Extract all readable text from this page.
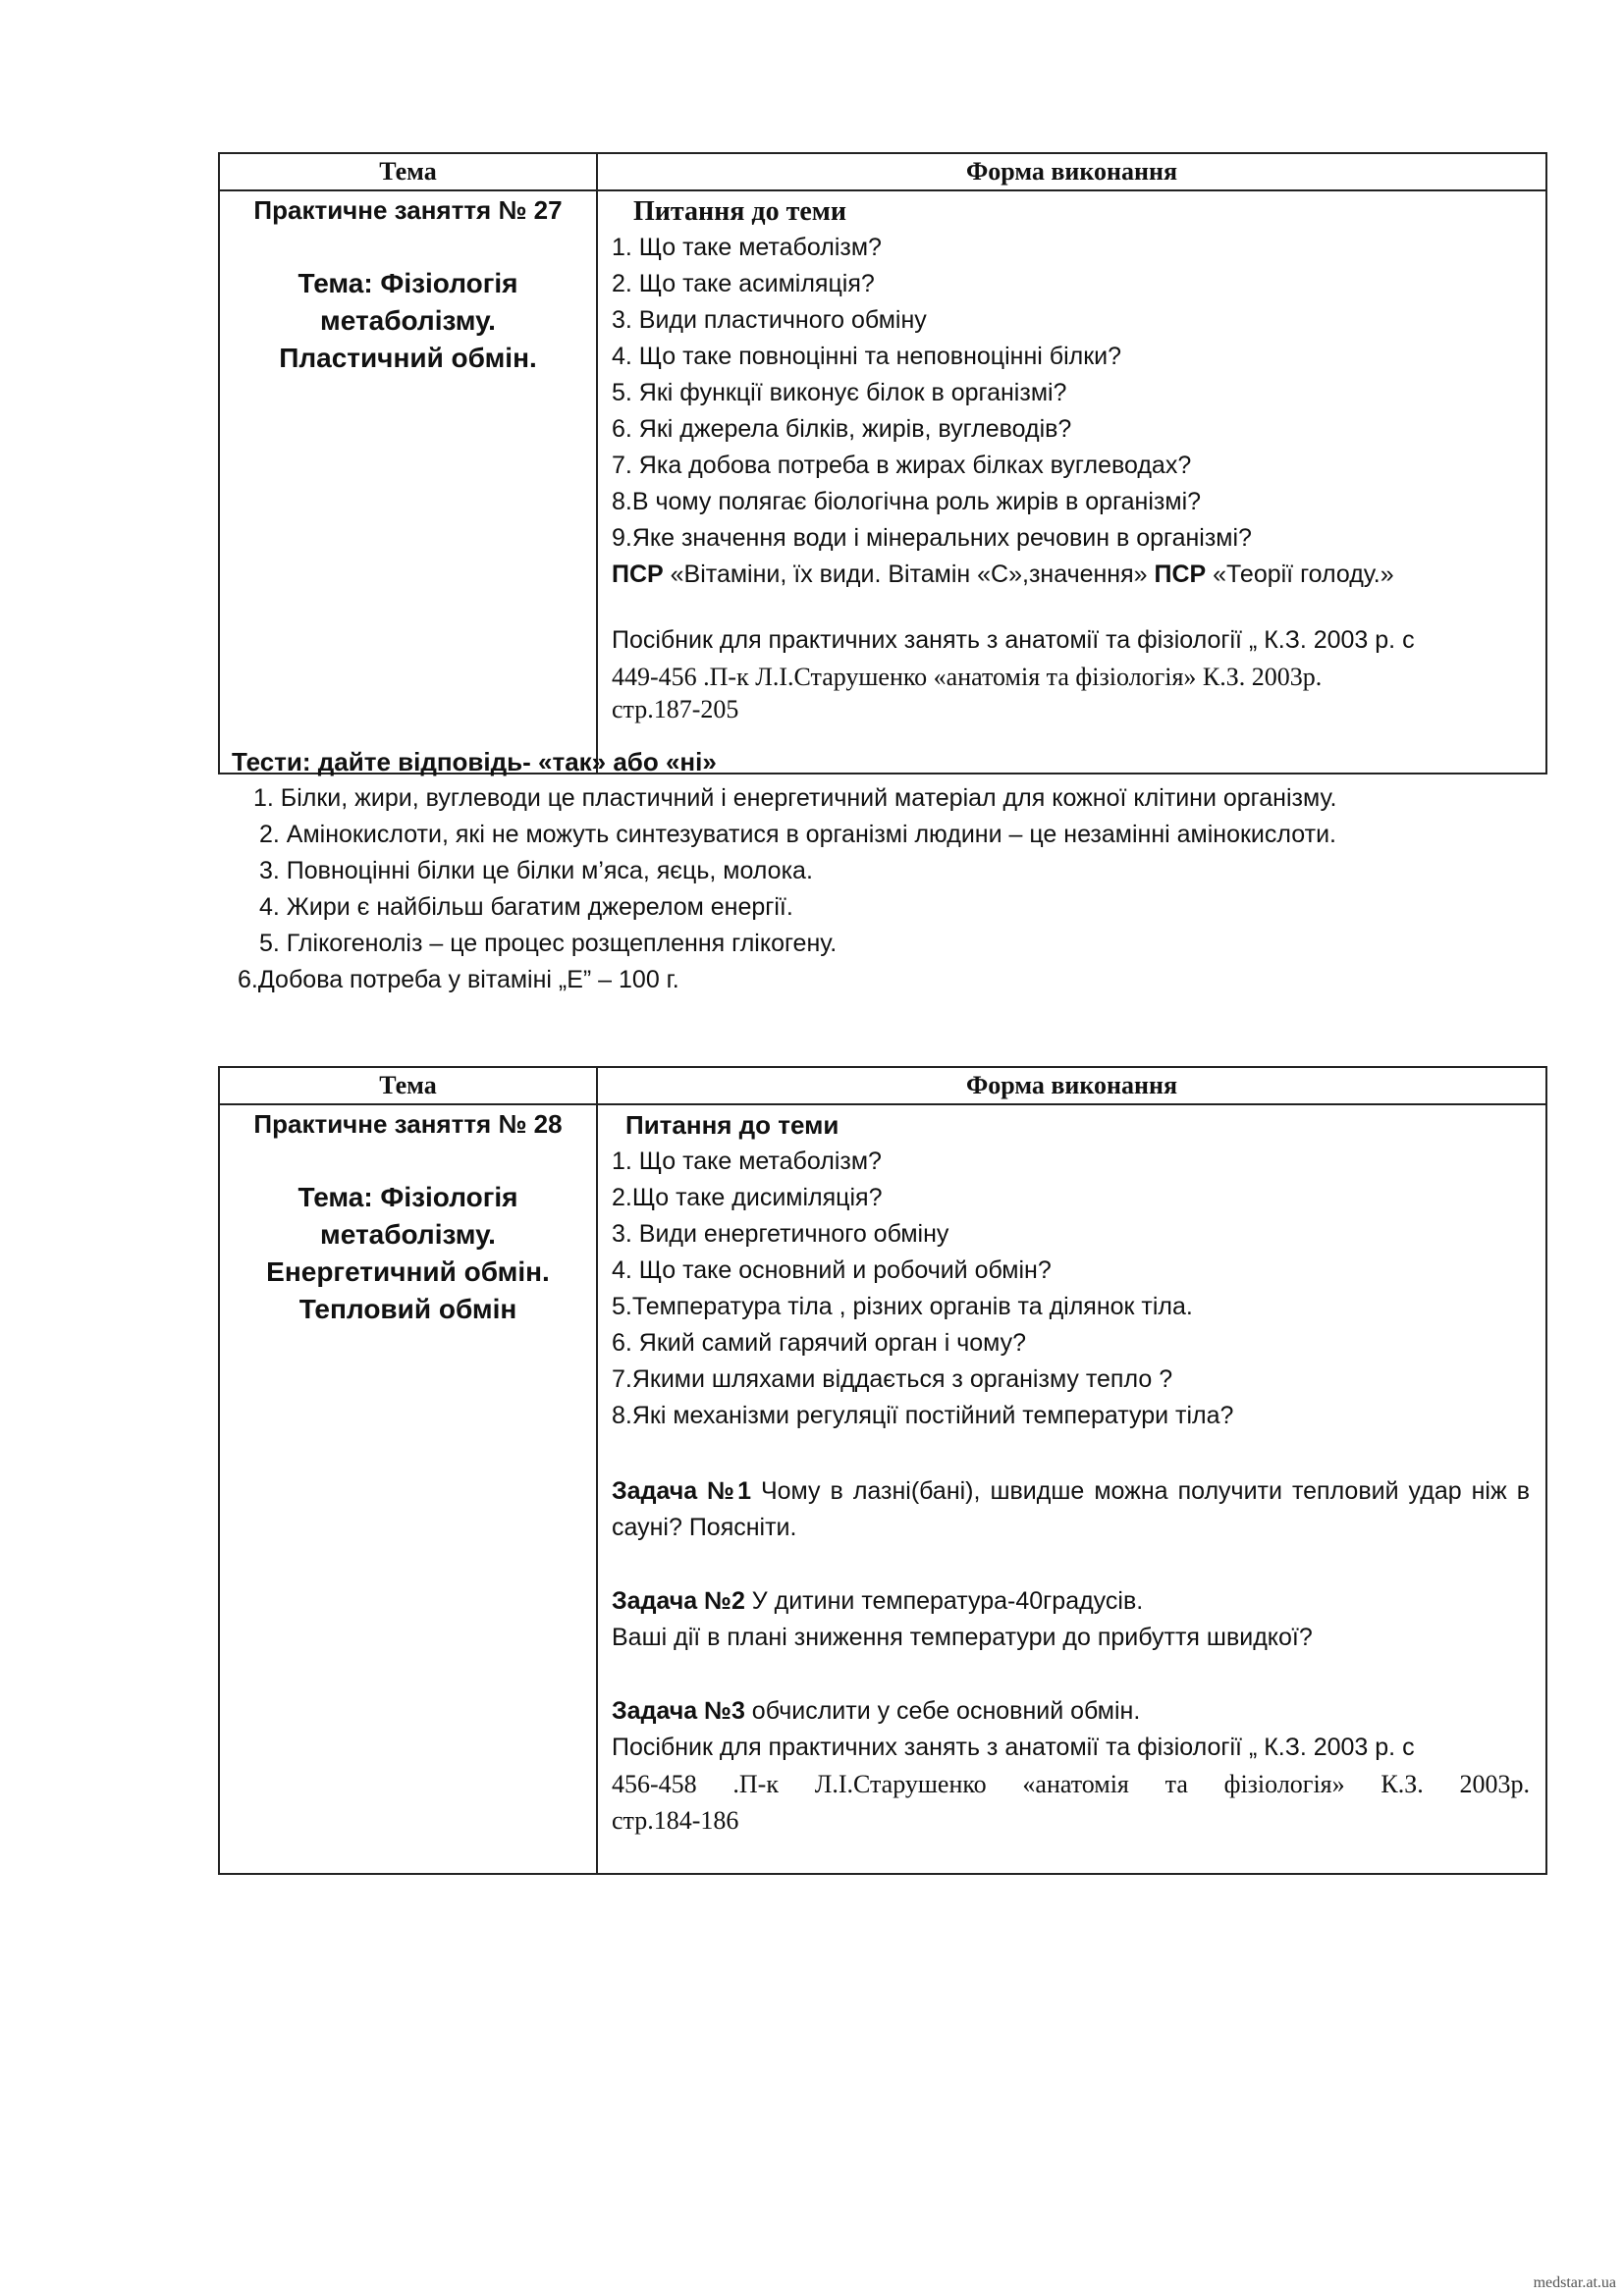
Тема	Форма виконання
Практичне заняття № 27
Тема: Фізіологія
метаболізму.
Пластичний обмін.

Питання до теми

1. Що таке метаболізм?

2. Що таке асиміляція?

3. Види пластичного обміну

4. Що таке повноцінні та неповноцінні білки?

5. Які функції виконує білок в організмі?

6. Які джерела білків, жирів, вуглеводів?

7. Яка добова потреба в жирах білках вуглеводах?

8.В чому полягає біологічна роль жирів в організмі?

9.Яке значення води і мінеральних речовин в організмі?

ПСР «Вітаміни, їх види. Вітамін «С»,значення» ПСР «Теорії голоду.»

Посібник для практичних занять з анатомії та фізіології „ К.З. 2003 р. с

449-456 .П-к Л.І.Старушенко «анатомія та фізіологія» К.З. 2003р.

стр.187-205

Тести: дайте відповідь- «так» або «ні»

1. Білки, жири, вуглеводи це пластичний і енергетичний матеріал для кожної клітини організму.

2. Амінокислоти, які не можуть синтезуватися в організмі людини – це незамінні амінокислоти.

3. Повноцінні білки це білки м’яса, яєць, молока.

4. Жири є найбільш багатим джерелом енергії.

5. Глікогеноліз – це процес розщеплення глікогену.

6.Добова потреба у вітаміні „Е” – 100 г.

Тема	Форма виконання
Практичне заняття № 28
Тема: Фізіологія
метаболізму.
Енергетичний обмін.
Тепловий обмін

Питання до теми

1. Що таке метаболізм?

2.Що таке дисиміляція?

3. Види енергетичного обміну

4. Що таке основний и робочий обмін?

5.Температура тіла , різних органів та ділянок тіла.

6. Який самий гарячий орган і чому?

7.Якими шляхами віддається з організму тепло ?

8.Які механізми регуляції постійний температури тіла?

Задача №1 Чому в лазні(бані), швидше можна получити тепловий удар ніж в сауні? Поясніти.

Задача №2 У дитини температура-40градусів.

Ваші дії в плані зниження температури до прибуття швидкої?

Задача №3 обчислити у себе основний обмін.

Посібник для практичних занять з анатомії та фізіології „ К.З. 2003 р. с

456-458 .П-к Л.І.Старушенко «анатомія та фізіологія» К.З. 2003р.

стр.184-186

medstar.at.ua
